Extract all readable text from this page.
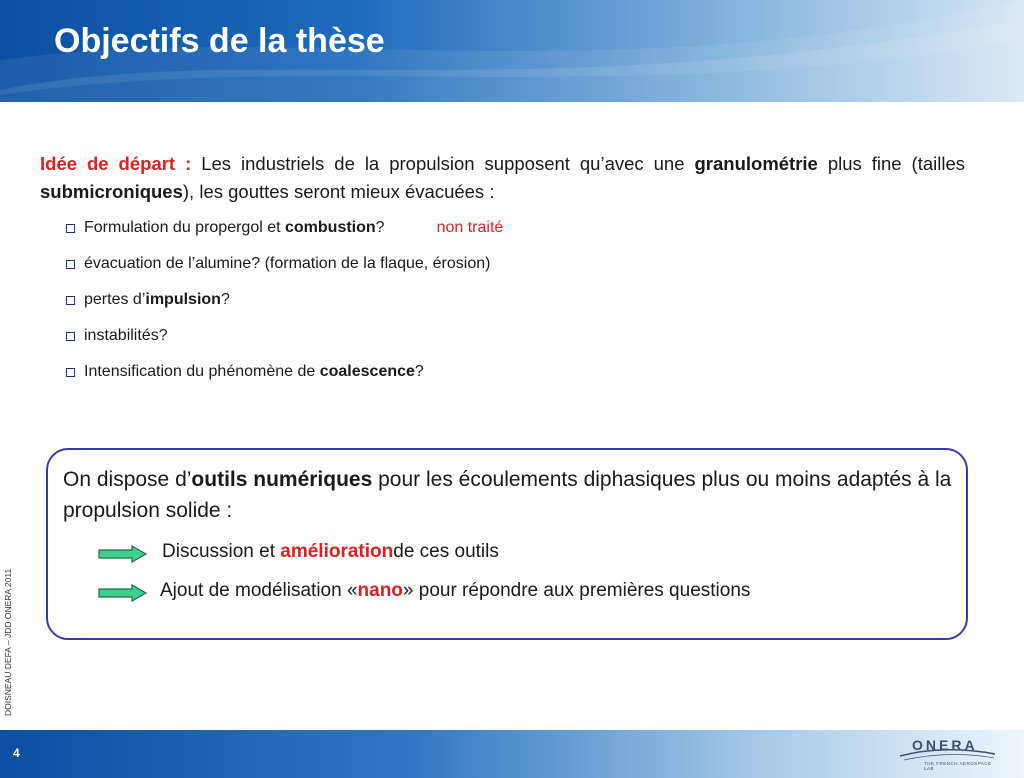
Objectifs de la thèse
Idée de départ : Les industriels de la propulsion supposent qu’avec une granulométrie plus fine (tailles submicroniques), les gouttes seront mieux évacuées :
Formulation du propergol et combustion?	non traité
évacuation de l’alumine? (formation de la flaque, érosion)
pertes d’impulsion?
instabilités?
Intensification du phénomène de coalescence?
On dispose d’outils numériques pour les écoulements diphasiques plus ou moins adaptés à la propulsion solide :
Discussion et
amélioration de ces outils
Ajout de modélisation « nano » pour répondre aux premières questions
DOISNEAU DEFA – JDD ONERA 2011
4	ONERA
THE FRENCH AEROSPACE LAB
